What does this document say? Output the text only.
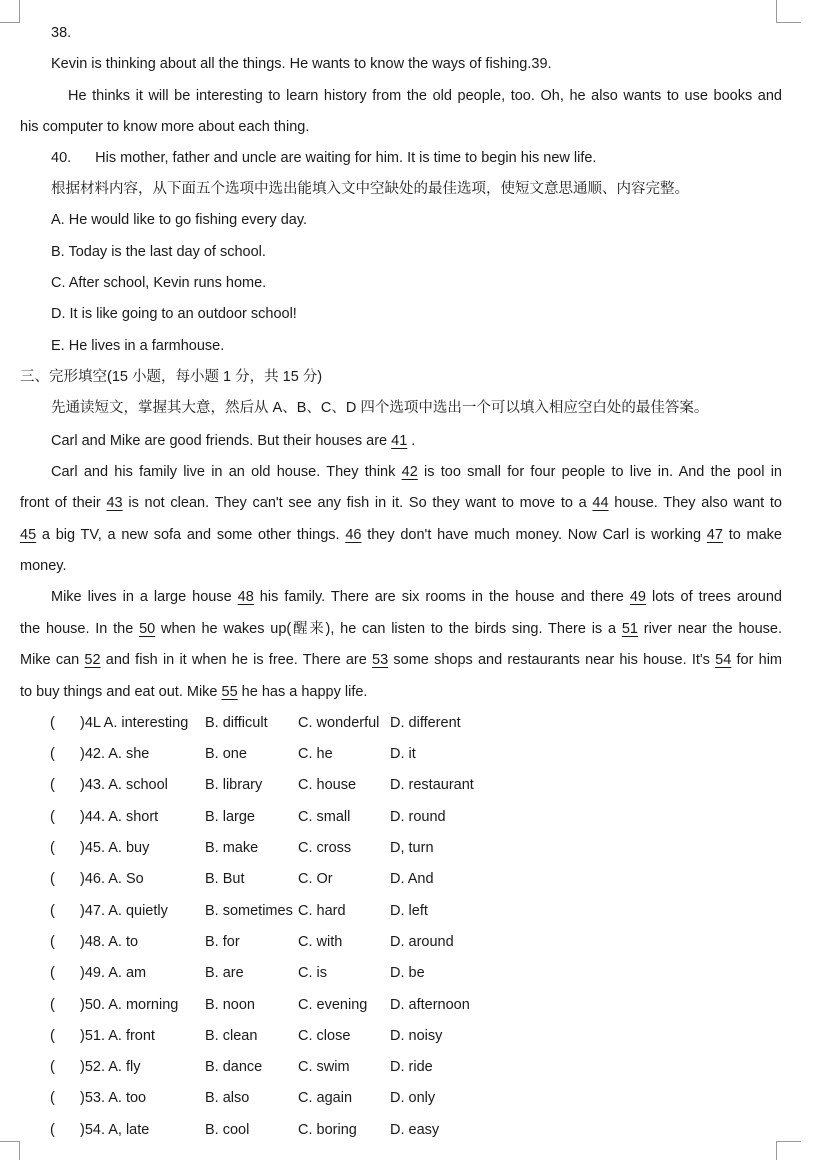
38.
Kevin is thinking about all the things. He wants to know the ways of fishing.39.
He thinks it will be interesting to learn history from the old people, too. Oh, he also wants to use books and
his computer to know more about each thing.
40. His mother, father and uncle are waiting for him. It is time to begin his new life.
根据材料内容，从下面五个选项中选出能填入文中空缺处的最佳选项，使短文意思通顺、内容完整。
A. He would like to go fishing every day.
B. Today is the last day of school.
C. After school, Kevin runs home.
D. It is like going to an outdoor school!
E. He lives in a farmhouse.
三、完形填空(15 小题，每小题 1 分，共 15 分)
先通读短文，掌握其大意，然后从 A、B、C、D 四个选项中选出一个可以填入相应空白处的最佳答案。
Carl and Mike are good friends. But their houses are 41 .
Carl and his family live in an old house. They think 42 is too small for four people to live in. And the pool in
front of their 43 is not clean. They can't see any fish in it. So they want to move to a 44 house. They also want to
45 a big TV, a new sofa and some other things. 46 they don't have much money. Now Carl is working 47 to make
money.
Mike lives in a large house 48 his family. There are six rooms in the house and there 49 lots of trees around
the house. In the 50 when he wakes up(醒来), he can listen to the birds sing. There is a 51 river near the house.
Mike can 52 and fish in it when he is free. There are 53 some shops and restaurants near his house. It's 54 for him
to buy things and eat out. Mike 55 he has a happy life.
( )4L A. interesting B. difficult C. wonderful D. different
( )42. A. she	B. one	C. he	D. it
( )43. A. school	B. library C. house D. restaurant
( )44. A. short	B. large	C. small	D. round
( )45. A. buy	B. make	C. cross	D, turn
( )46. A. So	B. But	C. Or	D. And
( )47. A. quietly	B. sometimes C. hard	D. left
( )48. A. to	B. for	C. with	D. around
( )49. A. am	B. are	C. is	D. be
( )50. A. morning B. noon	C. evening D. afternoon
( )51. A. front	B. clean	C. close	D. noisy
( )52. A. fly	B. dance C. swim	D. ride
( )53. A. too	B. also	C. again	D. only
( )54. A, late	B. cool	C. boring D. easy
